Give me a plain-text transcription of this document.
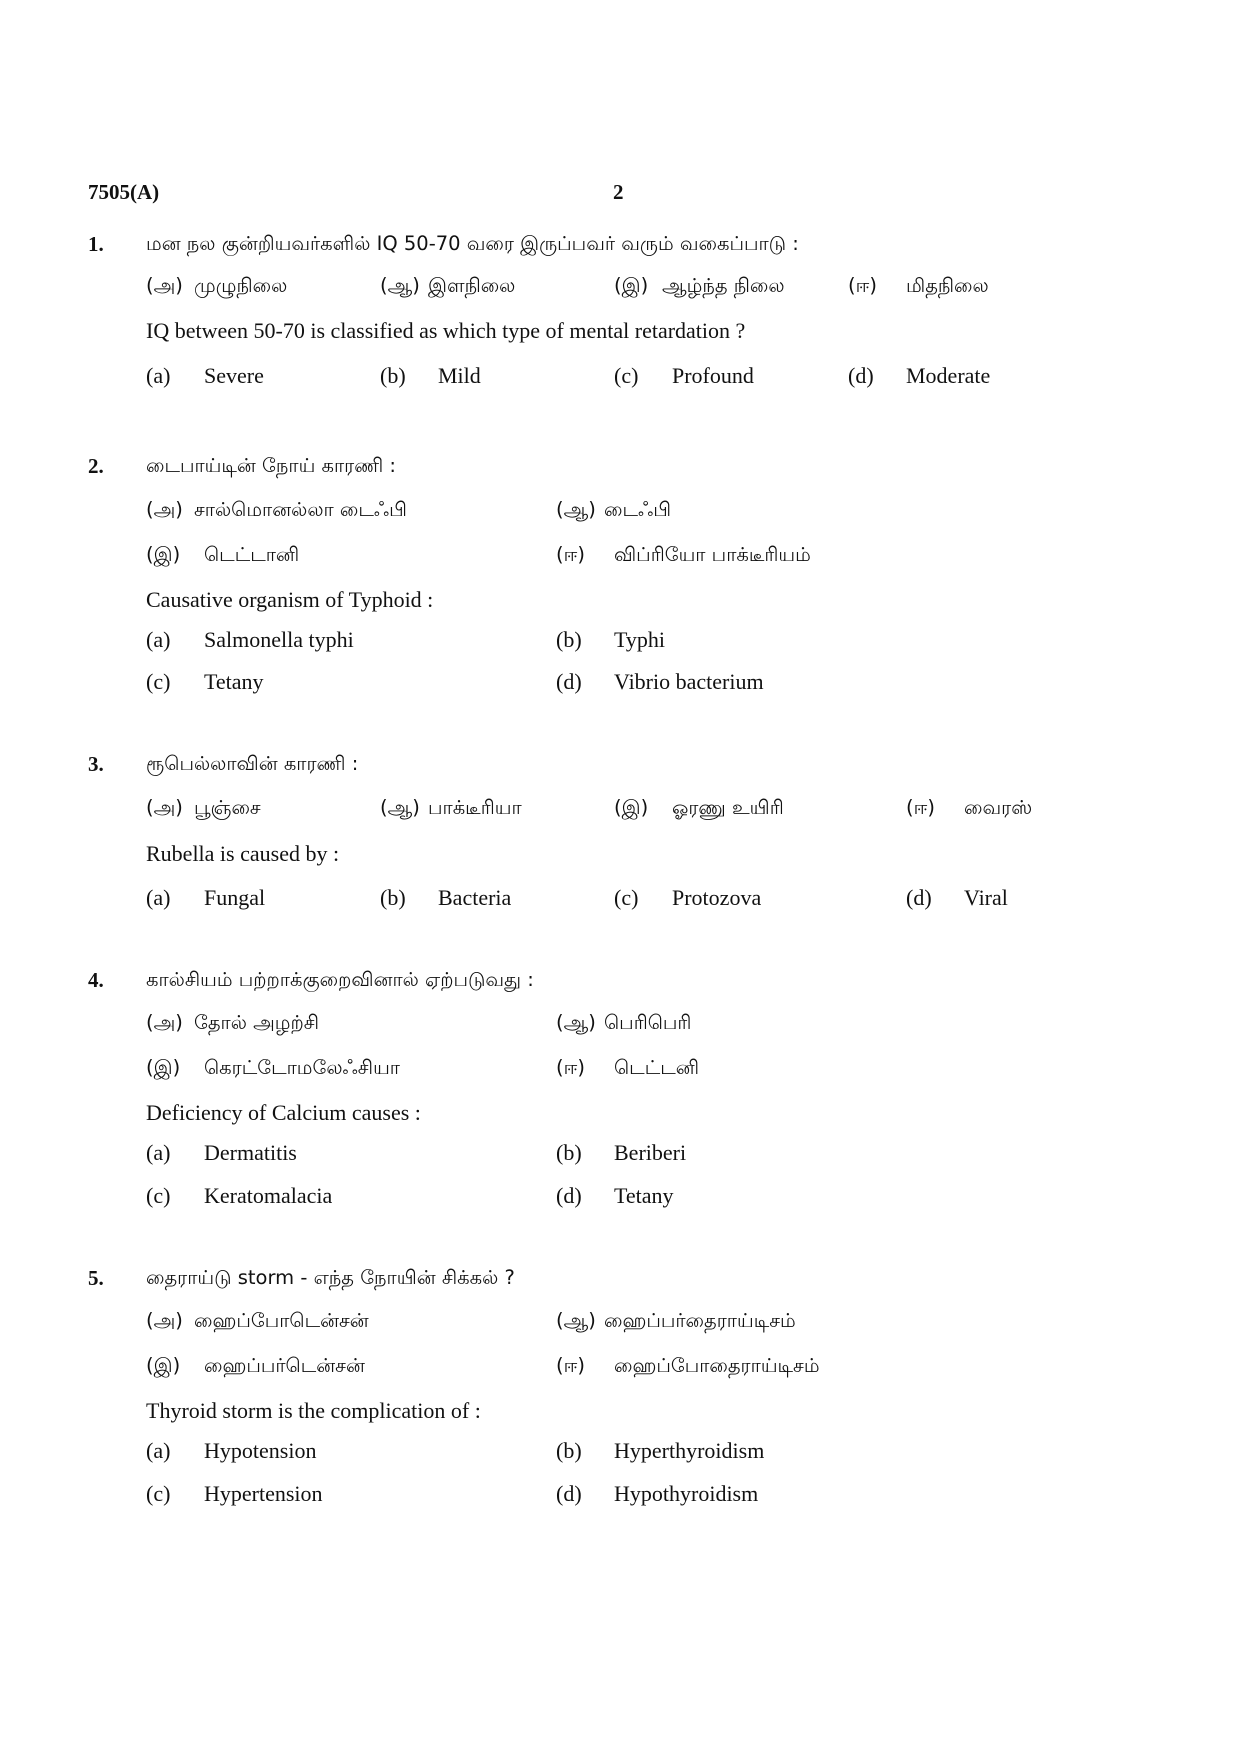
7505(A)	2
1. மன நல குன்றியவர்களில் IQ 50-70 வரை இருப்பவர் வரும் வகைப்பாடு :
(அ) முழுநிலை	(ஆ) இளநிலை	(இ) ஆழ்ந்த நிலை	(ஈ) மிதநிலை
IQ between 50-70 is classified as which type of mental retardation ?
(a) Severe	(b) Mild	(c) Profound	(d) Moderate
2. டைபாய்டின் நோய் காரணி :
(அ) சால்மொனல்லா டைஃபி	(ஆ) டைஃபி
(இ) டெட்டானி	(ஈ) விப்ரியோ பாக்டீரியம்
Causative organism of Typhoid :
(a) Salmonella typhi	(b) Typhi
(c) Tetany	(d) Vibrio bacterium
3. ரூபெல்லாவின் காரணி :
(அ) பூஞ்சை	(ஆ) பாக்டீரியா	(இ) ஓரணு உயிரி	(ஈ) வைரஸ்
Rubella is caused by :
(a) Fungal	(b) Bacteria	(c) Protozova	(d) Viral
4. கால்சியம் பற்றாக்குறைவினால் ஏற்படுவது :
(அ) தோல் அழற்சி	(ஆ) பெரிபெரி
(இ) கெரட்டோமலேஃசியா	(ஈ) டெட்டனி
Deficiency of Calcium causes :
(a) Dermatitis	(b) Beriberi
(c) Keratomalacia	(d) Tetany
5. தைராய்டு storm - எந்த நோயின் சிக்கல் ?
(அ) ஹைப்போடென்சன்	(ஆ) ஹைப்பர்தைராய்டிசம்
(இ) ஹைப்பர்டென்சன்	(ஈ) ஹைப்போதைராய்டிசம்
Thyroid storm is the complication of :
(a) Hypotension	(b) Hyperthyroidism
(c) Hypertension	(d) Hypothyroidism
